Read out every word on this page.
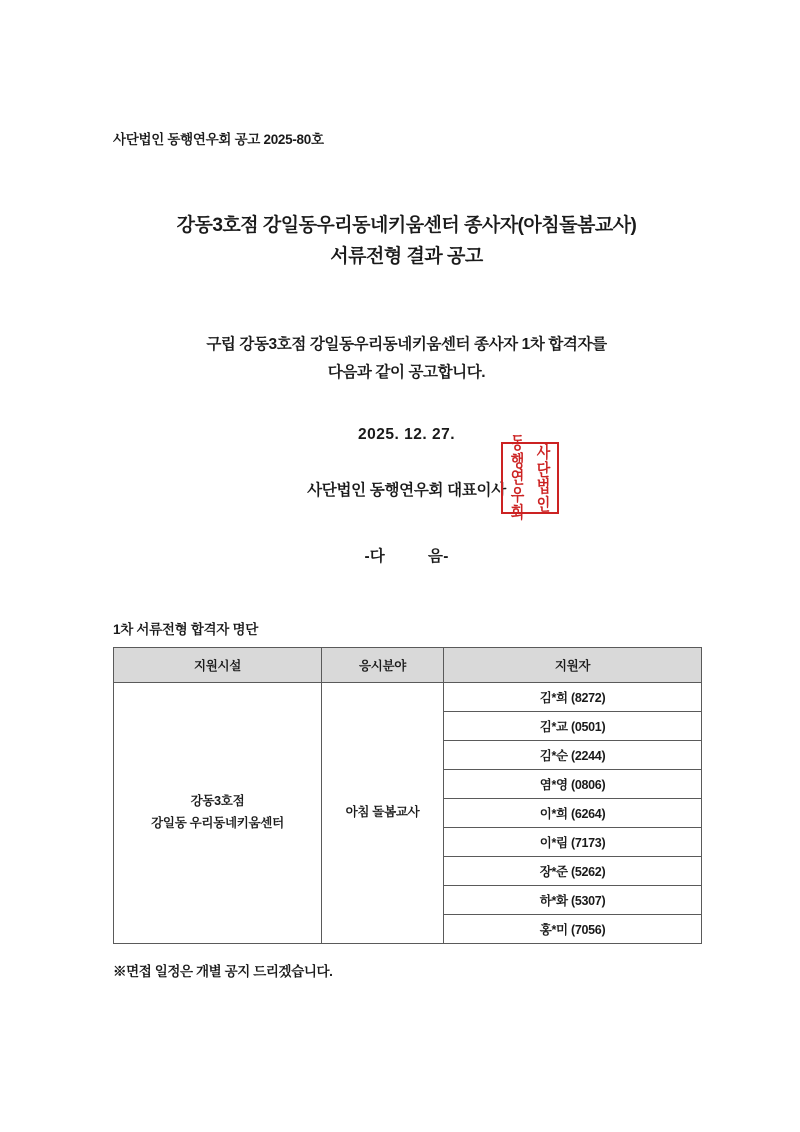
사단법인 동행연우회 공고 2025-80호

강동3호점 강일동우리동네키움센터 종사자(아침돌봄교사)
서류전형 결과 공고
구립 강동3호점 강일동우리동네키움센터 종사자 1차 합격자를
다음과 같이 공고합니다.
2025. 12. 27.
사단법인 동행연우회 대표이사
동
행
연
우
회
사
단
법
인
-다	음-
1차 서류전형 합격자 명단
지원시설	응시분야	지원자

강동3호점
강일동 우리동네키움센터	아침 돌봄교사	김*희 (8272)
		김*교 (0501)
		김*순 (2244)
		염*영 (0806)
		이*희 (6264)
		이*림 (7173)
		장*준 (5262)
		하*화 (5307)
		홍*미 (7056)
※면접 일정은 개별 공지 드리겠습니다.
